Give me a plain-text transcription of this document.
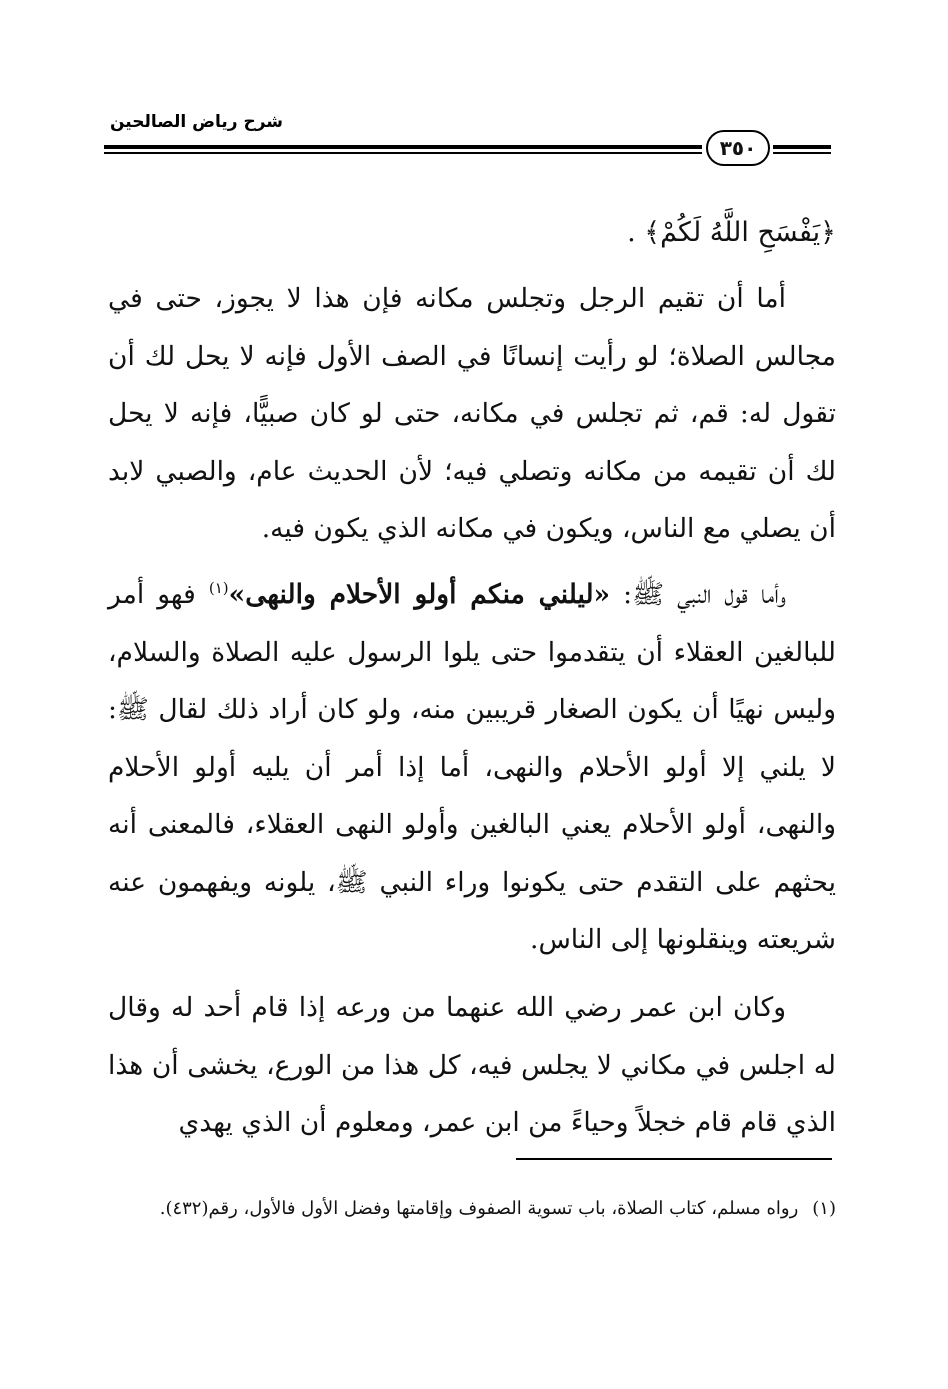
شرح رياض الصالحين
٣٥٠
﴿يَفْسَحِ اللَّهُ لَكُمْ﴾ .

أما أن تقيم الرجل وتجلس مكانه فإن هذا لا يجوز، حتى في مجالس الصلاة؛ لو رأيت إنسانًا في الصف الأول فإنه لا يحل لك أن تقول له: قم، ثم تجلس في مكانه، حتى لو كان صبيًّا، فإنه لا يحل لك أن تقيمه من مكانه وتصلي فيه؛ لأن الحديث عام، والصبي لابد أن يصلي مع الناس، ويكون في مكانه الذي يكون فيه.

وأما قول النبي ﷺ: «ليلني منكم أولو الأحلام والنهى»$^{(١)}$ فهو أمر للبالغين العقلاء أن يتقدموا حتى يلوا الرسول عليه الصلاة والسلام، وليس نهيًا أن يكون الصغار قريبين منه، ولو كان أراد ذلك لقال ﷺ: لا يلني إلا أولو الأحلام والنهى، أما إذا أمر أن يليه أولو الأحلام والنهى، أولو الأحلام يعني البالغين وأولو النهى العقلاء، فالمعنى أنه يحثهم على التقدم حتى يكونوا وراء النبي ﷺ، يلونه ويفهمون عنه شريعته وينقلونها إلى الناس.

وكان ابن عمر رضي الله عنهما من ورعه إذا قام أحد له وقال له اجلس في مكاني لا يجلس فيه، كل هذا من الورع، يخشى أن هذا الذي قام قام خجلاً وحياءً من ابن عمر، ومعلوم أن الذي يهدي

(١)رواه مسلم، كتاب الصلاة، باب تسوية الصفوف وإقامتها وفضل الأول فالأول، رقم(٤٣٢).
